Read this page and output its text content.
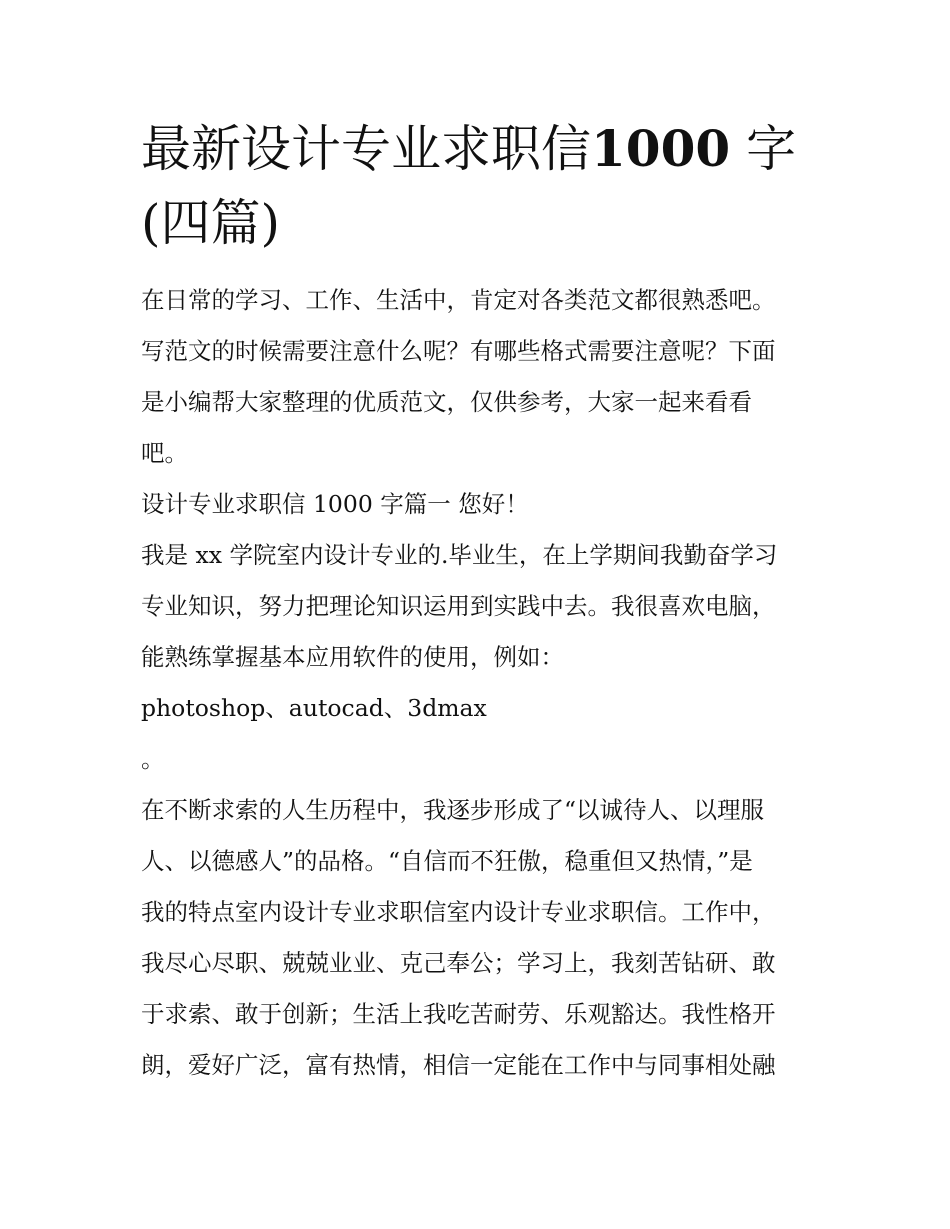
最新设计专业求职信1000 字
(四篇)
在日常的学习、工作、生活中，肯定对各类范文都很熟悉吧。
写范文的时候需要注意什么呢？有哪些格式需要注意呢？下面
是小编帮大家整理的优质范文，仅供参考，大家一起来看看
吧。
设计专业求职信 1000 字篇一 您好！
我是 xx 学院室内设计专业的.毕业生，在上学期间我勤奋学习
专业知识，努力把理论知识运用到实践中去。我很喜欢电脑，
能熟练掌握基本应用软件的使用，例如：
photoshop、autocad、3dmax
。
在不断求索的人生历程中，我逐步形成了“以诚待人、以理服
人、以德感人”的品格。“自信而不狂傲，稳重但又热情，”是
我的特点室内设计专业求职信室内设计专业求职信。工作中，
我尽心尽职、兢兢业业、克己奉公；学习上，我刻苦钻研、敢
于求索、敢于创新；生活上我吃苦耐劳、乐观豁达。我性格开
朗，爱好广泛，富有热情，相信一定能在工作中与同事相处融
